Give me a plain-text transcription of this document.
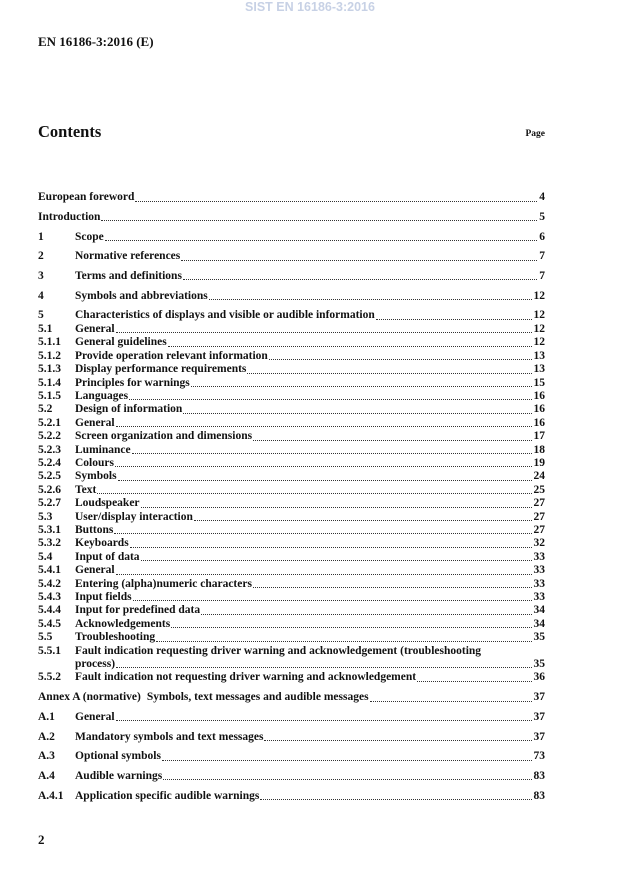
SIST EN 16186-3:2016
EN 16186-3:2016 (E)
Contents	Page
European foreword	4
Introduction	5
1	Scope	6
2	Normative references	7
3	Terms and definitions	7
4	Symbols and abbreviations	12
5	Characteristics of displays and visible or audible information	12
5.1	General	12
5.1.1	General guidelines	12
5.1.2	Provide operation relevant information	13
5.1.3	Display performance requirements	13
5.1.4	Principles for warnings	15
5.1.5	Languages	16
5.2	Design of information	16
5.2.1	General	16
5.2.2	Screen organization and dimensions	17
5.2.3	Luminance	18
5.2.4	Colours	19
5.2.5	Symbols	24
5.2.6	Text	25
5.2.7	Loudspeaker	27
5.3	User/display interaction	27
5.3.1	Buttons	27
5.3.2	Keyboards	32
5.4	Input of data	33
5.4.1	General	33
5.4.2	Entering (alpha)numeric characters	33
5.4.3	Input fields	33
5.4.4	Input for predefined data	34
5.4.5	Acknowledgements	34
5.5	Troubleshooting	35
5.5.1	Fault indication requesting driver warning and acknowledgement (troubleshooting
process)	35
5.5.2	Fault indication not requesting driver warning and acknowledgement	36
Annex A (normative) Symbols, text messages and audible messages	37
A.1	General	37
A.2	Mandatory symbols and text messages	37
A.3	Optional symbols	73
A.4	Audible warnings	83
A.4.1 Application specific audible warnings	83
2
